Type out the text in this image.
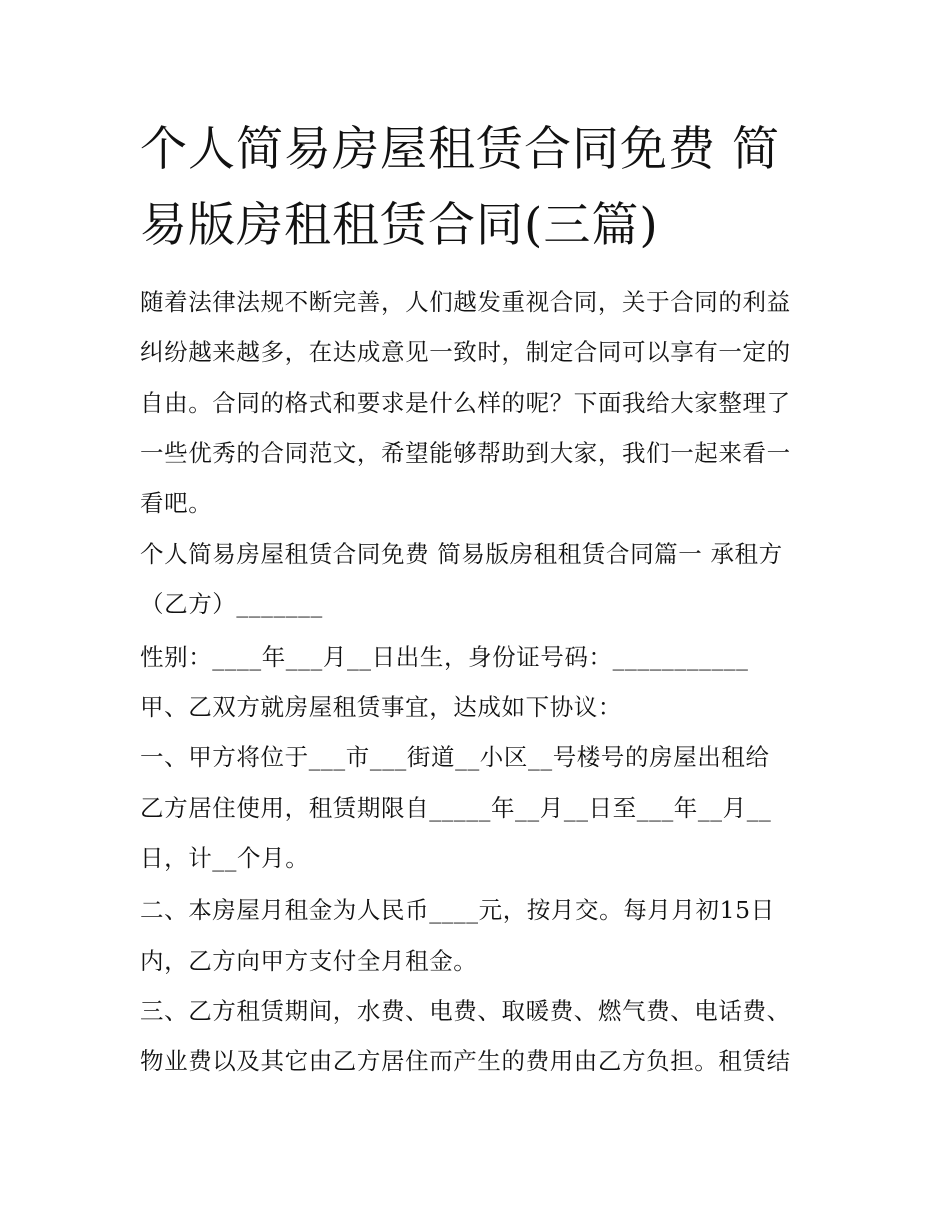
个人简易房屋租赁合同免费 简
易版房租租赁合同(三篇)
随着法律法规不断完善，人们越发重视合同，关于合同的利益
纠纷越来越多，在达成意见一致时，制定合同可以享有一定的
自由。合同的格式和要求是什么样的呢？下面我给大家整理了
一些优秀的合同范文，希望能够帮助到大家，我们一起来看一
看吧。
个人简易房屋租赁合同免费 简易版房租租赁合同篇一 承租方
（乙方）_______
性别：____年___月__日出生，身份证号码：___________
甲、乙双方就房屋租赁事宜，达成如下协议：
一、甲方将位于___市___街道__小区__号楼号的房屋出租给
乙方居住使用，租赁期限自_____年__月__日至___年__月__
日，计__个月。
二、本房屋月租金为人民币____元，按月交。每月月初15日
内，乙方向甲方支付全月租金。
三、乙方租赁期间，水费、电费、取暖费、燃气费、电话费、
物业费以及其它由乙方居住而产生的费用由乙方负担。租赁结
